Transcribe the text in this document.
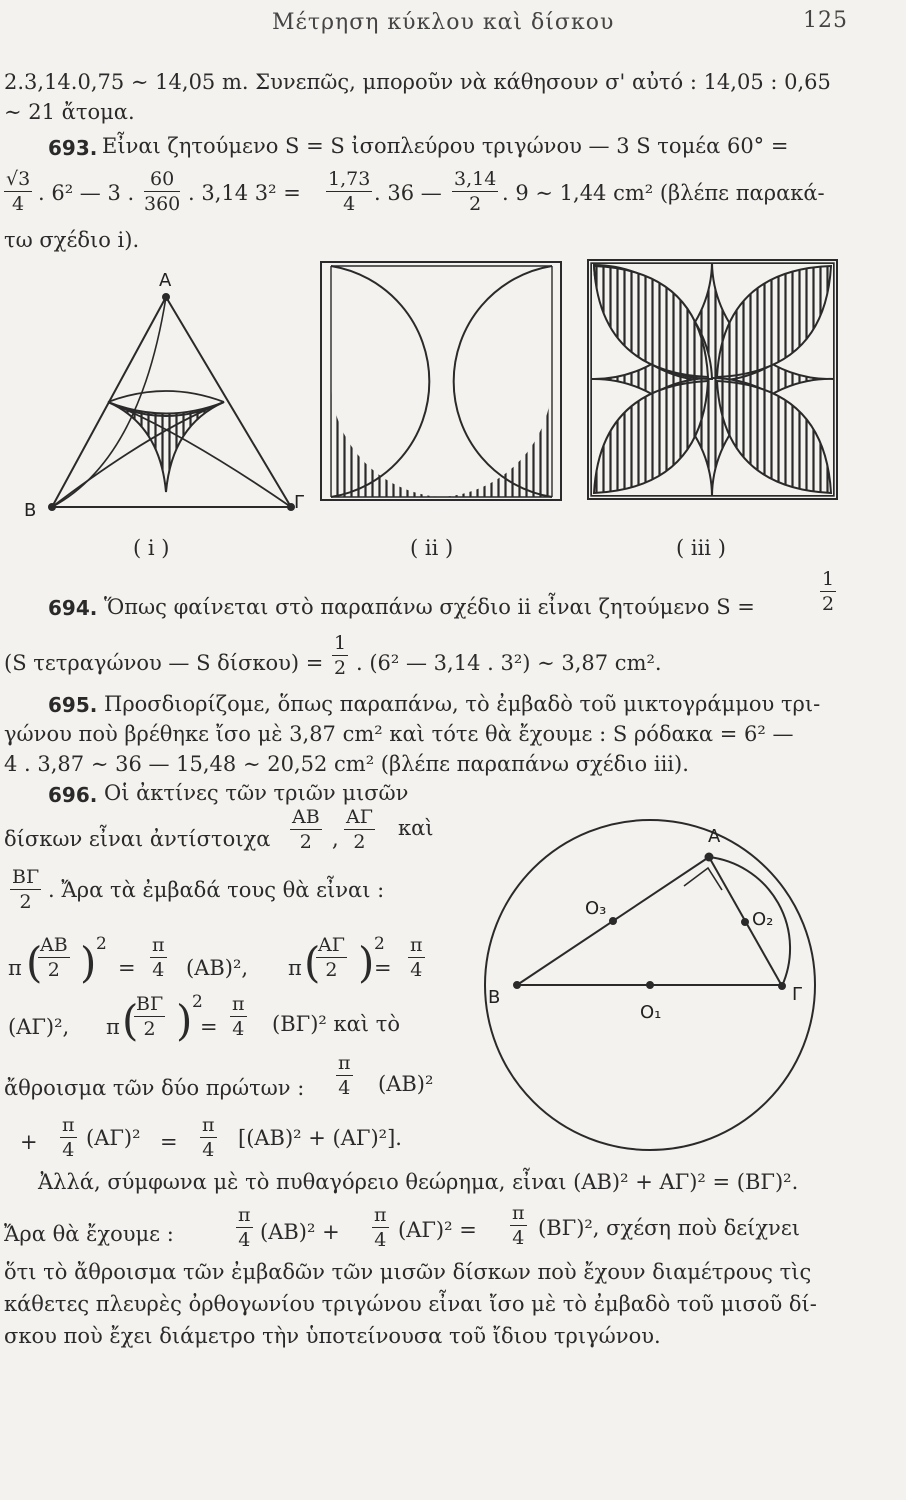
Μέτρηση κύκλου καὶ δίσκου	125
2.3,14.0,75 ∼ 14,05 m. Συνεπῶς, μποροῦν νὰ κάθησουν σ' αὐτό : 14,05 : 0,65
∼ 21 ἄτομα.
693. Εἶναι ζητούμενο S = S ἰσοπλεύρου τριγώνου — 3 S τομέα 60° =
$\frac{√3}{4}$ . 6² — 3 . $\frac{60}{360}$ . 3,14 $3^2 = \frac{1,73}{4}$ . 36 — $\frac{3,14}{2}$ . 9 ∼ 1,44 cm² (βλέπε παρακά-
τω σχέδιο i).
Α
Β	Γ
Α
Β	Γ
O₁
O₂
O₃
( i )	( ii )	( iii )
694. Ὅπως φαίνεται στὸ παραπάνω σχέδιο ii εἶναι ζητούμενο S =	$\frac{1}{2}$
(S τετραγώνου — S $\delta ί\sigma\kappa o\upsilon) = \frac{1}{2}$ . (6² — 3,14 . 3²) ∼ 3,87 cm².
695. Προσδιορίζομε, ὅπως παραπάνω, τὸ ἐμβαδὸ τοῦ μικτογράμμου τρι-
γώνου ποὺ βρέθηκε ἴσο μὲ 3,87 cm² καὶ τότε θὰ ἔχουμε : S ρόδακα = 6² —
4 . 3,87 ∼ 36 — 15,48 ∼ 20,52 cm² (βλέπε παραπάνω σχέδιο iii).
696. Οἱ ἀκτίνες τῶν τριῶν μισῶν
δίσκων εἶναι ἀντίστοιχα $\frac{AB}{2}$ , $\frac{A\Gamma}{2}$ καὶ
$\frac{B\Gamma}{2}$ . Ἄρα τὰ ἐμβαδά τους θὰ εἶναι :
π (
$\frac{AB}{2}$ ) 2
= $\frac{\pi}{4} (AB)^2$, π (
$\frac{A\Gamma}{2}$ ) 2
= $\frac{\pi}{4}$
(ΑΓ)², π (
$\frac{B\Gamma}{2}$ ) 2
= $\frac{\pi}{4} (B\Gamma)^2$ καὶ τὸ
ἄθροισμα τῶν δύο πρώτων : $\frac{\pi}{4} (AB)^2$
+ $\frac{\pi}{4} (A\Gamma)^2 = \frac{\pi}{4} [(AB)^2 + (A\Gamma)^2]$.
Ἀλλά, σύμφωνα μὲ τὸ πυθαγόρειο θεώρημα, εἶναι (ΑΒ)² + ΑΓ)² = (ΒΓ)².
Ἄρα θὰ ἔχουμε :	$\frac{\pi}{4} (AB)^2 + \frac{\pi}{4} (A\Gamma)^2 = \frac{\pi}{4} (B\Gamma)^2$, σχέση ποὺ δείχνει
ὅτι τὸ ἄθροισμα τῶν ἐμβαδῶν τῶν μισῶν δίσκων ποὺ ἔχουν διαμέτρους τὶς
κάθετες πλευρὲς ὀρθογωνίου τριγώνου εἶναι ἴσο μὲ τὸ ἐμβαδὸ τοῦ μισοῦ δί-
σκου ποὺ ἔχει διάμετρο τὴν ὑποτείνουσα τοῦ ἴδιου τριγώνου.
